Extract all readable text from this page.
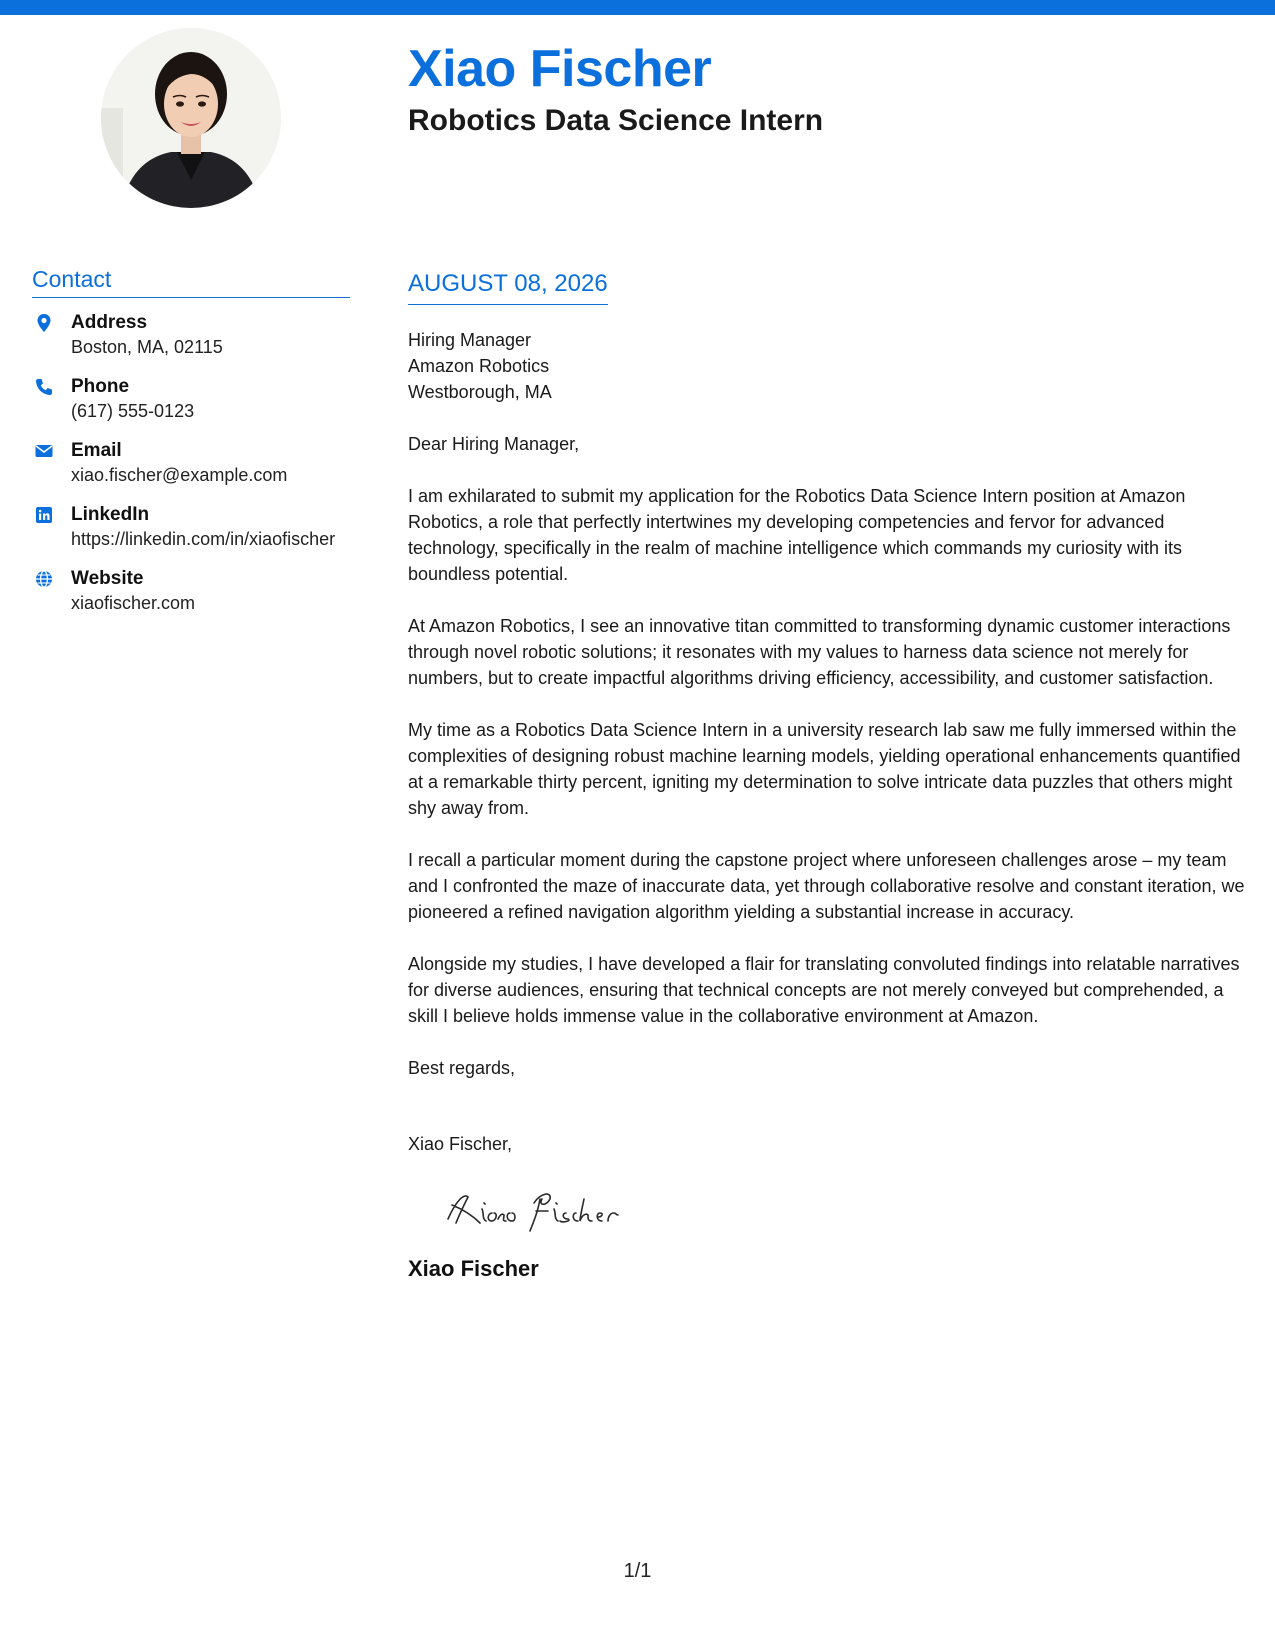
Xiao Fischer
Robotics Data Science Intern
Contact
Address
Boston, MA, 02115
Phone
(617) 555-0123
Email
xiao.fischer@example.com
LinkedIn
https://linkedin.com/in/xiaofischer
Website
xiaofischer.com
AUGUST 08, 2026
Hiring Manager
Amazon Robotics
Westborough, MA
Dear Hiring Manager,

I am exhilarated to submit my application for the Robotics Data Science Intern position at Amazon Robotics, a role that perfectly intertwines my developing competencies and fervor for advanced technology, specifically in the realm of machine intelligence which commands my curiosity with its boundless potential.

At Amazon Robotics, I see an innovative titan committed to transforming dynamic customer interactions through novel robotic solutions; it resonates with my values to harness data science not merely for numbers, but to create impactful algorithms driving efficiency, accessibility, and customer satisfaction.

My time as a Robotics Data Science Intern in a university research lab saw me fully immersed within the complexities of designing robust machine learning models, yielding operational enhancements quantified at a remarkable thirty percent, igniting my determination to solve intricate data puzzles that others might shy away from.

I recall a particular moment during the capstone project where unforeseen challenges arose – my team and I confronted the maze of inaccurate data, yet through collaborative resolve and constant iteration, we pioneered a refined navigation algorithm yielding a substantial increase in accuracy.

Alongside my studies, I have developed a flair for translating convoluted findings into relatable narratives for diverse audiences, ensuring that technical concepts are not merely conveyed but comprehended, a skill I believe holds immense value in the collaborative environment at Amazon.

Best regards,
Xiao Fischer,
Xiao Fischer
1/1
